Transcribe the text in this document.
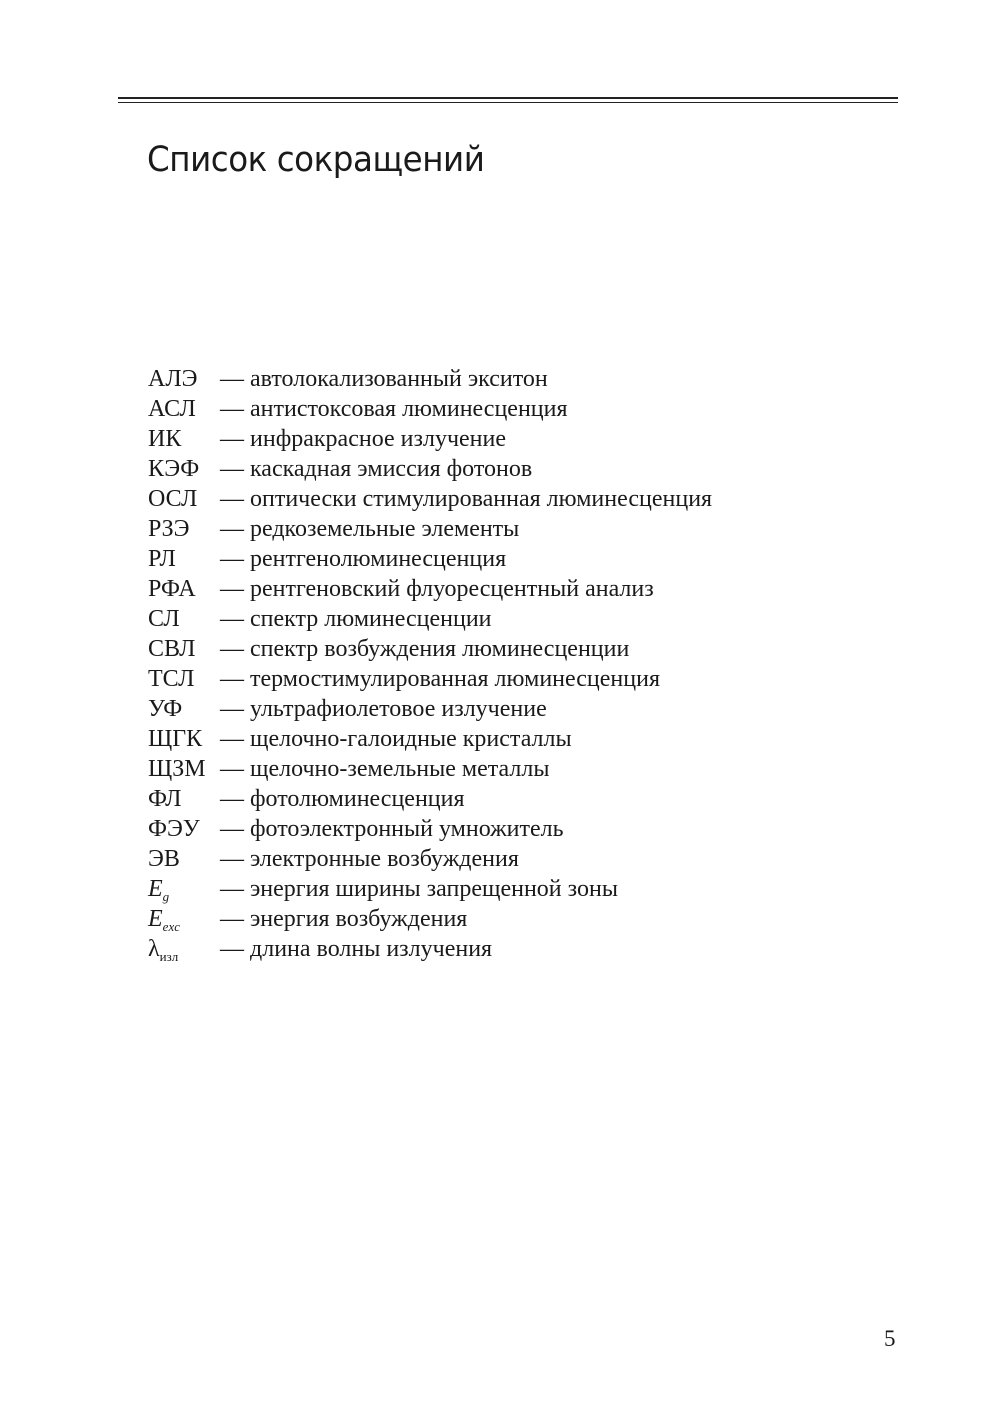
Список сокращений
АЛЭ — автолокализованный экситон
АСЛ — антистоксовая люминесценция
ИК — инфракрасное излучение
КЭФ — каскадная эмиссия фотонов
ОСЛ — оптически стимулированная люминесценция
РЗЭ — редкоземельные элементы
РЛ — рентгенолюминесценция
РФА — рентгеновский флуоресцентный анализ
СЛ — спектр люминесценции
СВЛ — спектр возбуждения люминесценции
ТСЛ — термостимулированная люминесценция
УФ — ультрафиолетовое излучение
ЩГК — щелочно-галоидные кристаллы
ЩЗМ — щелочно-земельные металлы
ФЛ — фотолюминесценция
ФЭУ — фотоэлектронный умножитель
ЭВ — электронные возбуждения
$E_g$ — энергия ширины запрещенной зоны
$E_{exc}$ — энергия возбуждения
$\lambda_{изл}$ — длина волны излучения
5
